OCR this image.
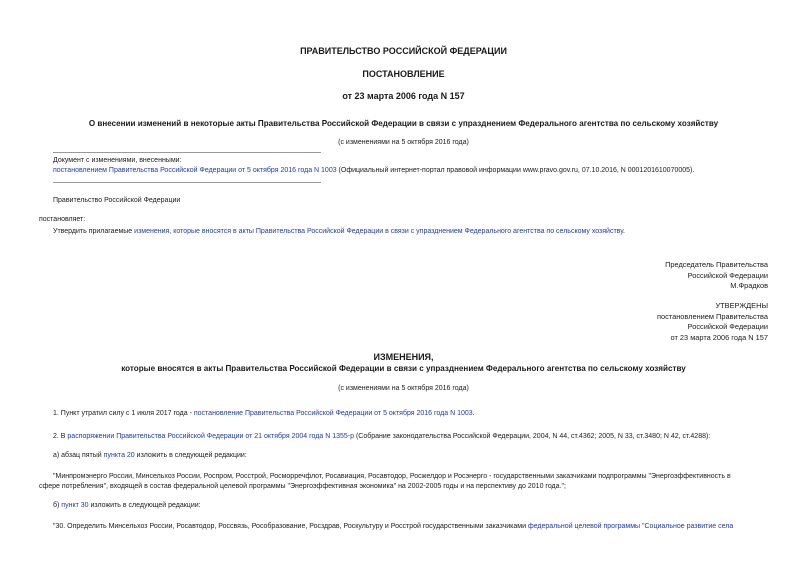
ПРАВИТЕЛЬСТВО РОССИЙСКОЙ ФЕДЕРАЦИИ
ПОСТАНОВЛЕНИЕ
от 23 марта 2006 года N 157
О внесении изменений в некоторые акты Правительства Российской Федерации в связи с упразднением Федерального агентства по сельскому хозяйству
(с изменениями на 5 октября 2016 года)
Документ с изменениями, внесенными:
постановлением Правительства Российской Федерации от 5 октября 2016 года N 1003 (Официальный интернет-портал правовой информации www.pravo.gov.ru, 07.10.2016, N 0001201610070005).
Правительство Российской Федерации
постановляет:
Утвердить прилагаемые изменения, которые вносятся в акты Правительства Российской Федерации в связи с упразднением Федерального агентства по сельскому хозяйству.
Председатель Правительства
Российской Федерации
М.Фрадков
УТВЕРЖДЕНЫ
постановлением Правительства
Российской Федерации
от 23 марта 2006 года N 157
ИЗМЕНЕНИЯ,
которые вносятся в акты Правительства Российской Федерации в связи с упразднением Федерального агентства по сельскому хозяйству
(с изменениями на 5 октября 2016 года)
1. Пункт утратил силу с 1 июля 2017 года - постановление Правительства Российской Федерации от 5 октября 2016 года N 1003.
2. В распоряжении Правительства Российской Федерации от 21 октября 2004 года N 1355-р (Собрание законодательства Российской Федерации, 2004, N 44, ст.4362; 2005, N 33, ст.3480; N 42, ст.4288):
а) абзац пятый пункта 20 изложить в следующей редакции:
"Минпромэнерго России, Минсельхоз России, Роспром, Росстрой, Росморречфлот, Росавиация, Росавтодор, Росжелдор и Росэнерго - государственными заказчиками подпрограммы "Энергоэффективность в
сфере потребления", входящей в состав федеральной целевой программы "Энергоэффективная экономика" на 2002-2005 годы и на перспективу до 2010 года.";
б) пункт 30 изложить в следующей редакции:
"30. Определить Минсельхоз России, Росавтодор, Россвязь, Рособразование, Росздрав, Роскультуру и Росстрой государственными заказчиками федеральной целевой программы "Социальное развитие села
